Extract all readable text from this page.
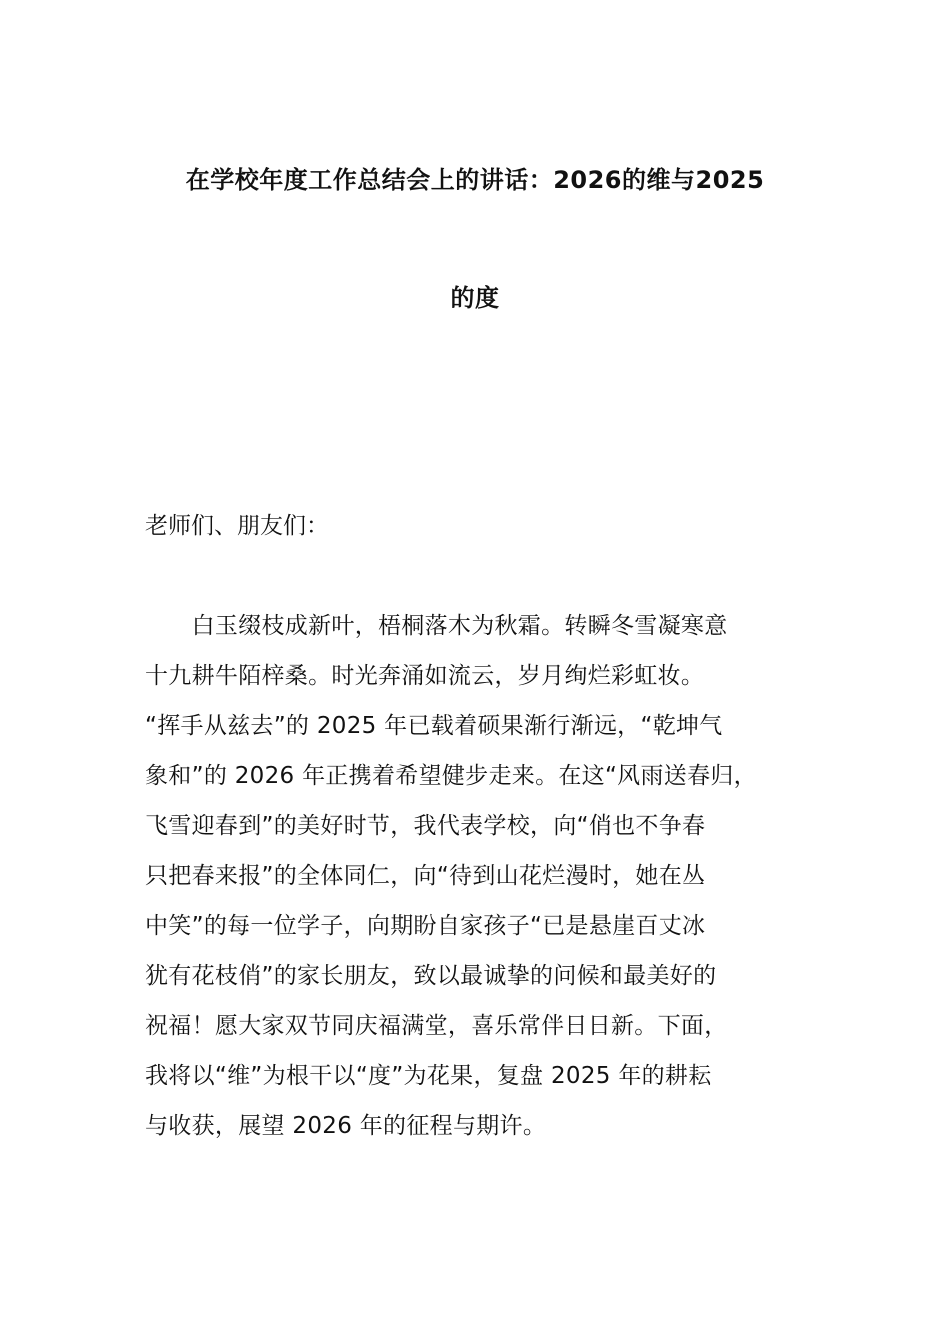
在学校年度工作总结会上的讲话：2026的维与2025
的度
老师们、朋友们：
　　白玉缀枝成新叶，梧桐落木为秋霜。转瞬冬雪凝寒意
十九耕牛陌梓桑。时光奔涌如流云，岁月绚烂彩虹妆。
“挥手从兹去”的 2025 年已载着硕果渐行渐远，“乾坤气
象和”的 2026 年正携着希望健步走来。在这“风雨送春归，
飞雪迎春到”的美好时节，我代表学校，向“俏也不争春
只把春来报”的全体同仁，向“待到山花烂漫时，她在丛
中笑”的每一位学子，向期盼自家孩子“已是悬崖百丈冰
犹有花枝俏”的家长朋友，致以最诚挚的问候和最美好的
祝福！愿大家双节同庆福满堂，喜乐常伴日日新。下面，
我将以“维”为根干以“度”为花果，复盘 2025 年的耕耘
与收获，展望 2026 年的征程与期许。
